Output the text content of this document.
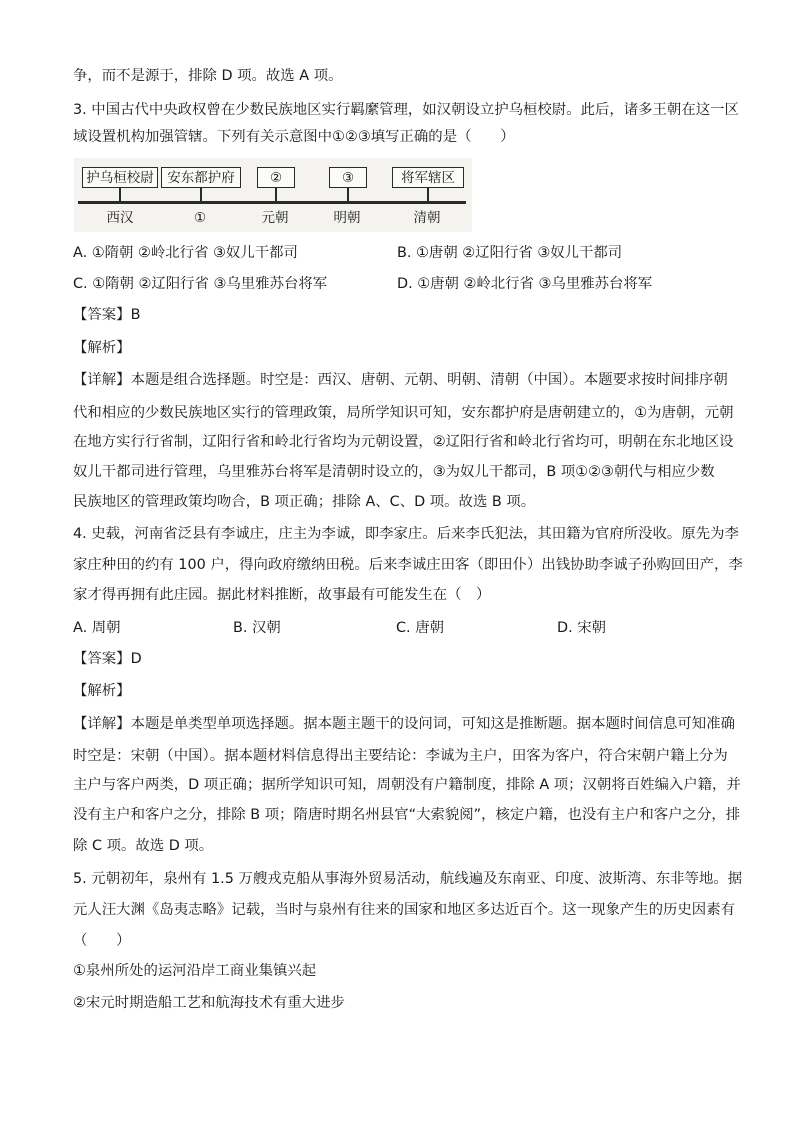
争，而不是源于，排除 D 项。故选 A 项。
3. 中国古代中央政权曾在少数民族地区实行羁縻管理，如汉朝设立护乌桓校尉。此后，诸多王朝在这一区
域设置机构加强管辖。下列有关示意图中①②③填写正确的是（　　）
护乌桓校尉	安东都护府	②	③	将军辖区
西汉	①	元朝	明朝	清朝
A. ①隋朝 ②岭北行省 ③奴儿干都司	B. ①唐朝 ②辽阳行省 ③奴儿干都司
C. ①隋朝 ②辽阳行省 ③乌里雅苏台将军	D. ①唐朝 ②岭北行省 ③乌里雅苏台将军
【答案】B
【解析】
【详解】本题是组合选择题。时空是：西汉、唐朝、元朝、明朝、清朝（中国）。本题要求按时间排序朝
代和相应的少数民族地区实行的管理政策，局所学知识可知，安东都护府是唐朝建立的，①为唐朝，元朝
在地方实行行省制，辽阳行省和岭北行省均为元朝设置，②辽阳行省和岭北行省均可，明朝在东北地区设
奴儿干都司进行管理，乌里雅苏台将军是清朝时设立的，③为奴儿干都司，B 项①②③朝代与相应少数
民族地区的管理政策均吻合，B 项正确；排除 A、C、D 项。故选 B 项。
4. 史载，河南省泛县有李诚庄，庄主为李诚，即李家庄。后来李氏犯法，其田籍为官府所没收。原先为李
家庄种田的约有 100 户，得向政府缴纳田税。后来李诚庄田客（即田仆）出钱协助李诚子孙购回田产，李
家才得再拥有此庄园。据此材料推断，故事最有可能发生在（　）
A. 周朝	B. 汉朝	C. 唐朝	D. 宋朝
【答案】D
【解析】
【详解】本题是单类型单项选择题。据本题主题干的设问词，可知这是推断题。据本题时间信息可知准确
时空是：宋朝（中国）。据本题材料信息得出主要结论：李诚为主户，田客为客户，符合宋朝户籍上分为
主户与客户两类，D 项正确；据所学知识可知，周朝没有户籍制度，排除 A 项；汉朝将百姓编入户籍，并
没有主户和客户之分，排除 B 项；隋唐时期名州县官“大索貌阅”，核定户籍，也没有主户和客户之分，排
除 C 项。故选 D 项。
5. 元朝初年，泉州有 1.5 万艘戎克船从事海外贸易活动，航线遍及东南亚、印度、波斯湾、东非等地。据
元人汪大渊《岛夷志略》记载，当时与泉州有往来的国家和地区多达近百个。这一现象产生的历史因素有
（　　）
①泉州所处的运河沿岸工商业集镇兴起
②宋元时期造船工艺和航海技术有重大进步
